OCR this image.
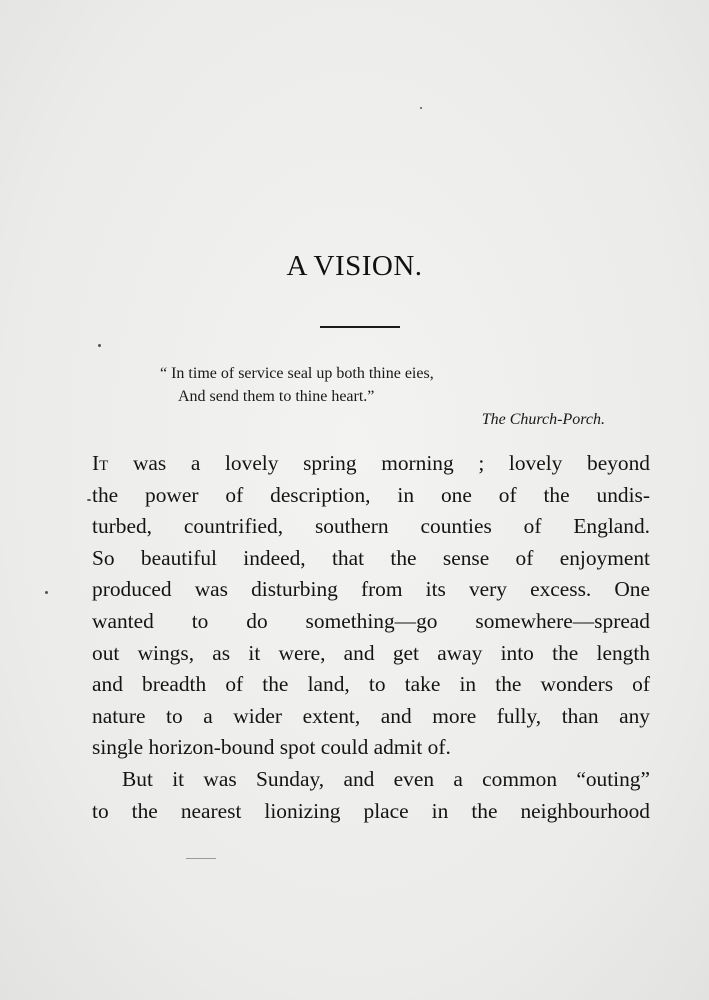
A VISION.
“ In time of service seal up both thine eies,
And send them to thine heart.”
The Church-Porch.
It was a lovely spring morning ; lovely beyond
the power of description, in one of the undis-
turbed, countrified, southern counties of England.
So beautiful indeed, that the sense of enjoyment
produced was disturbing from its very excess. One
wanted to do something—go somewhere—spread
out wings, as it were, and get away into the length
and breadth of the land, to take in the wonders of
nature to a wider extent, and more fully, than any
single horizon-bound spot could admit of.
But it was Sunday, and even a common “outing”
to the nearest lionizing place in the neighbourhood
